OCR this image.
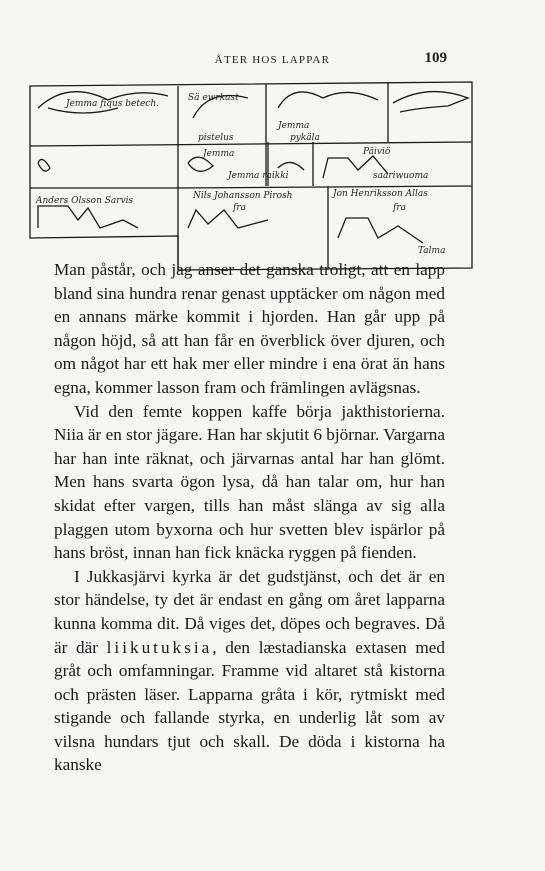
ÅTER HOS LAPPAR	109
Jemma fiqus betech.
Sä ewrkast
Jemma
pistelus	pykäla
Jemma
Anders Olsson Sarvis
Jemma raikki
Päiviö
saariwuoma
Nils Johansson Pirosh
fra
Jon Henriksson Allas
fra
Talma

Man påstår, och jag anser det ganska troligt, att en lapp bland sina hundra renar genast upptäcker om någon med en annans märke kommit i hjorden. Han går upp på någon höjd, så att han får en överblick över djuren, och om något har ett hak mer eller mindre i ena örat än hans egna, kommer lasson fram och främlingen avlägsnas.

Vid den femte koppen kaffe börja jakthistorierna. Niia är en stor jägare. Han har skjutit 6 björnar. Vargarna har han inte räknat, och järvarnas antal har han glömt. Men hans svarta ögon lysa, då han talar om, hur han skidat efter vargen, tills han måst slänga av sig alla plaggen utom byxorna och hur svetten blev ispärlor på hans bröst, innan han fick knäcka ryggen på fienden.

I Jukkasjärvi kyrka är det gudstjänst, och det är en stor händelse, ty det är endast en gång om året lapparna kunna komma dit. Då viges det, döpes och begraves. Då är där liikutuksia, den læstadianska extasen med gråt och omfamningar. Framme vid altaret stå kistorna och prästen läser. Lapparna gråta i kör, rytmiskt med stigande och fallande styrka, en underlig låt som av vilsna hundars tjut och skall. De döda i kistorna ha kanske
